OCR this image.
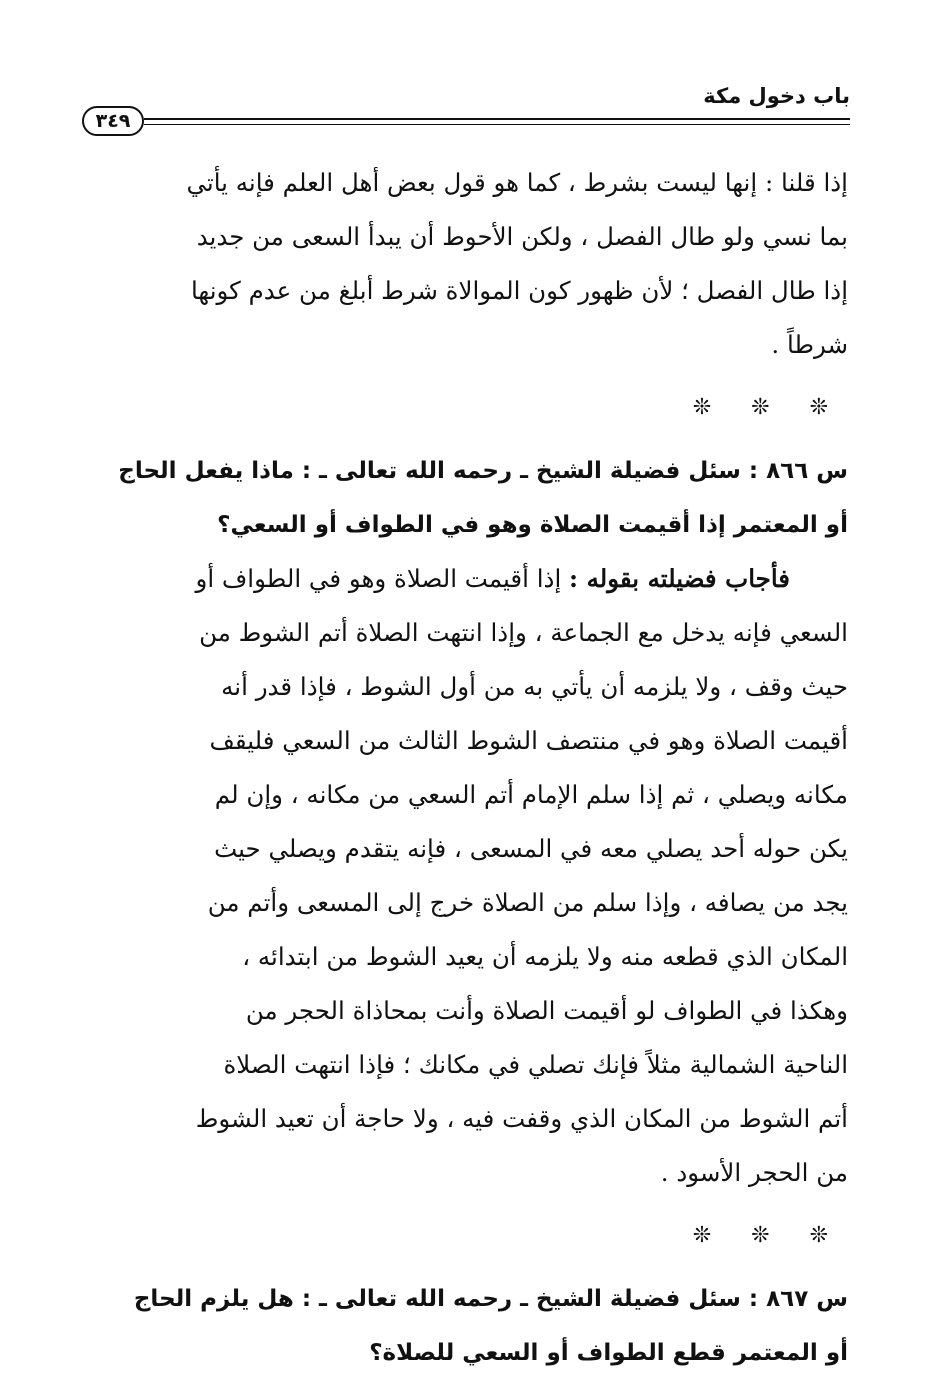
باب دخول مكة
٣٤٩

إذا قلنا : إنها ليست بشرط ، كما هو قول بعض أهل العلم فإنه يأتي
بما نسي ولو طال الفصل ، ولكن الأحوط أن يبدأ السعى من جديد
إذا طال الفصل ؛ لأن ظهور كون الموالاة شرط أبلغ من عدم كونها
شرطاً .

❊ ❊ ❊

س ٨٦٦ : سئل فضيلة الشيخ ـ رحمه الله تعالى ـ : ماذا يفعل الحاج
أو المعتمر إذا أقيمت الصلاة وهو في الطواف أو السعي؟

فأجاب فضيلته بقوله : إذا أقيمت الصلاة وهو في الطواف أو
السعي فإنه يدخل مع الجماعة ، وإذا انتهت الصلاة أتم الشوط من
حيث وقف ، ولا يلزمه أن يأتي به من أول الشوط ، فإذا قدر أنه
أقيمت الصلاة وهو في منتصف الشوط الثالث من السعي فليقف
مكانه ويصلي ، ثم إذا سلم الإمام أتم السعي من مكانه ، وإن لم
يكن حوله أحد يصلي معه في المسعى ، فإنه يتقدم ويصلي حيث
يجد من يصافه ، وإذا سلم من الصلاة خرج إلى المسعى وأتم من
المكان الذي قطعه منه ولا يلزمه أن يعيد الشوط من ابتدائه ،
وهكذا في الطواف لو أقيمت الصلاة وأنت بمحاذاة الحجر من
الناحية الشمالية مثلاً فإنك تصلي في مكانك ؛ فإذا انتهت الصلاة
أتم الشوط من المكان الذي وقفت فيه ، ولا حاجة أن تعيد الشوط
من الحجر الأسود .

❊ ❊ ❊

س ٨٦٧ : سئل فضيلة الشيخ ـ رحمه الله تعالى ـ : هل يلزم الحاج
أو المعتمر قطع الطواف أو السعي للصلاة؟
